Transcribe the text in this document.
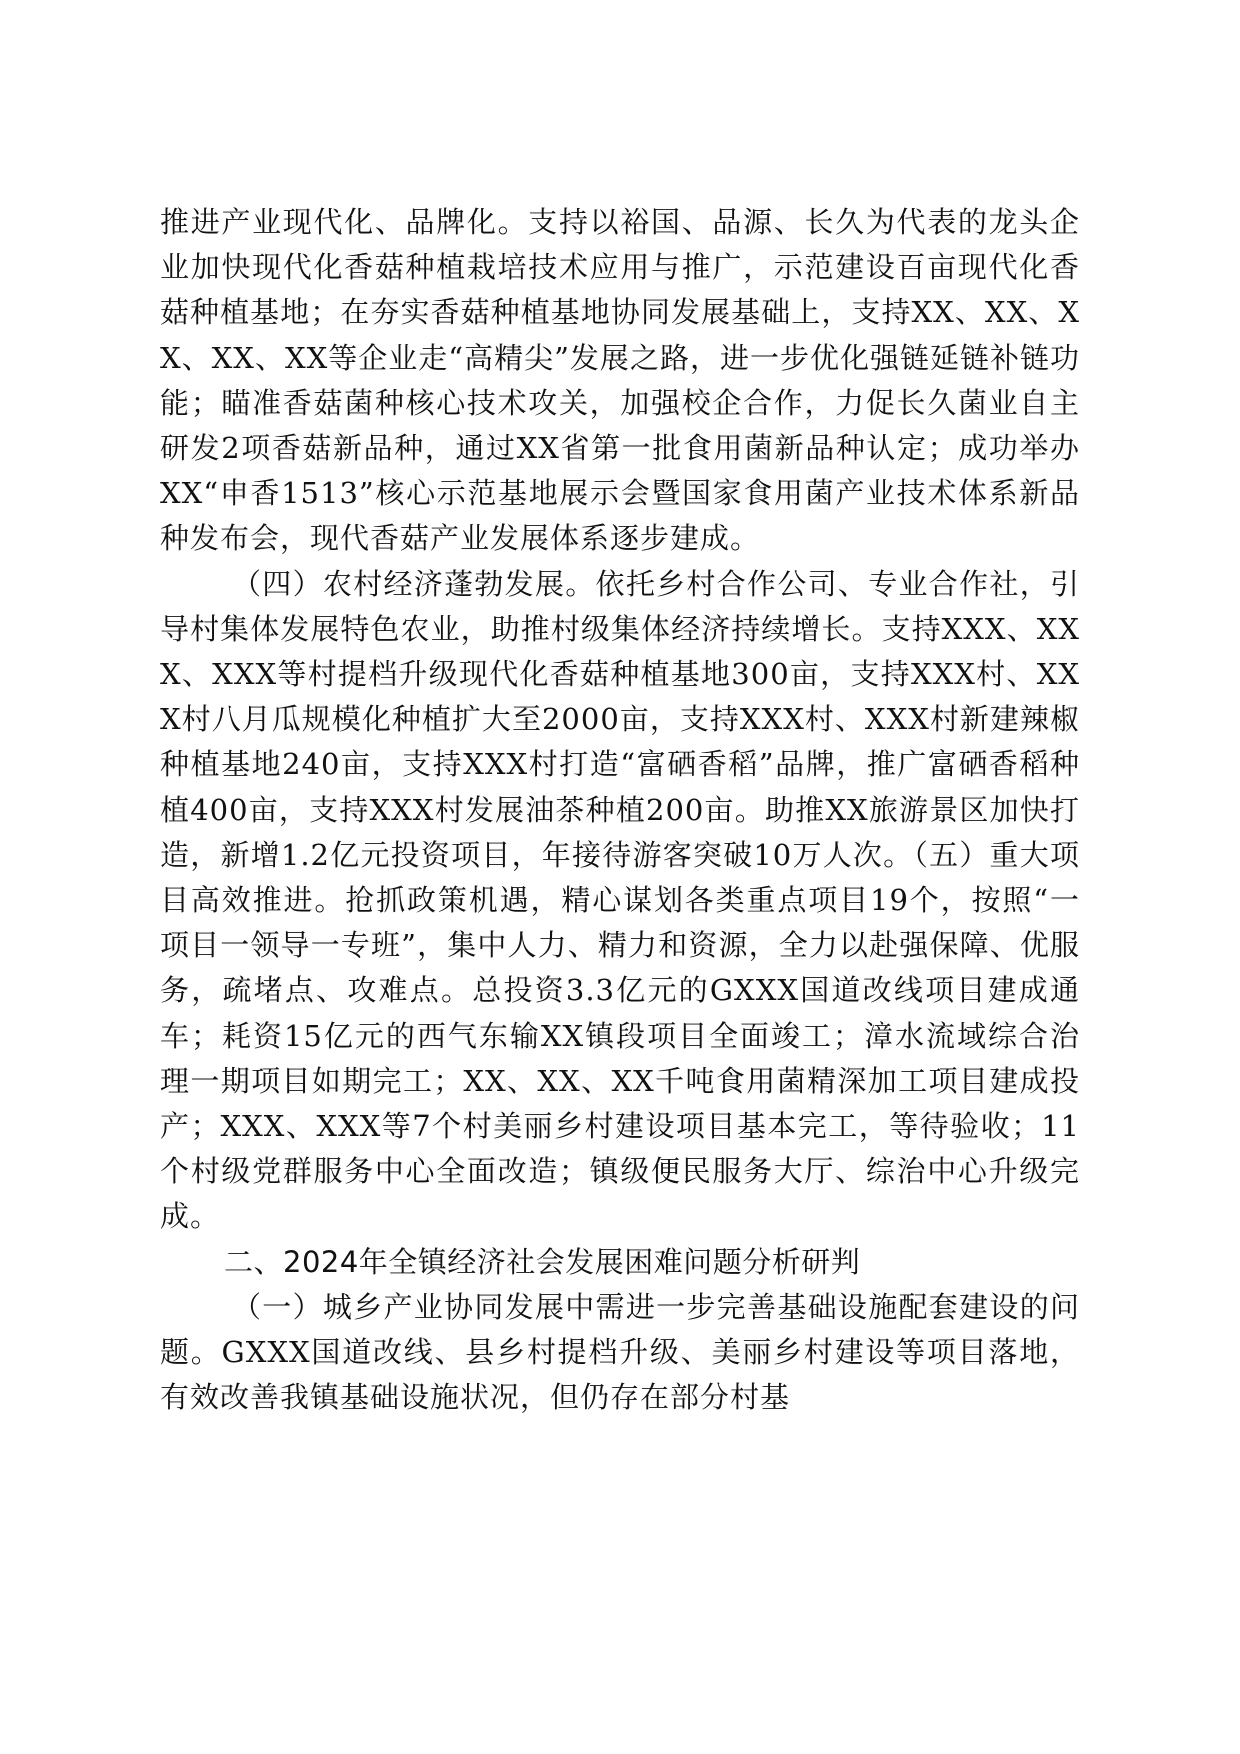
推进产业现代化、品牌化。支持以裕国、品源、长久为代表的龙头企业加快现代化香菇种植栽培技术应用与推广，示范建设百亩现代化香菇种植基地；在夯实香菇种植基地协同发展基础上，支持XX、XX、XX、XX、XX等企业走“高精尖”发展之路，进一步优化强链延链补链功能；瞄准香菇菌种核心技术攻关，加强校企合作，力促长久菌业自主研发2项香菇新品种，通过XX省第一批食用菌新品种认定；成功举办XX“申香1513”核心示范基地展示会暨国家食用菌产业技术体系新品种发布会，现代香菇产业发展体系逐步建成。

（四）农村经济蓬勃发展。依托乡村合作公司、专业合作社，引导村集体发展特色农业，助推村级集体经济持续增长。支持XXX、XXX、XXX等村提档升级现代化香菇种植基地300亩，支持XXX村、XXX村八月瓜规模化种植扩大至2000亩，支持XXX村、XXX村新建辣椒种植基地240亩，支持XXX村打造“富硒香稻”品牌，推广富硒香稻种植400亩，支持XXX村发展油茶种植200亩。助推XX旅游景区加快打造，新增1.2亿元投资项目，年接待游客突破10万人次。（五）重大项目高效推进。抢抓政策机遇，精心谋划各类重点项目19个，按照“一项目一领导一专班”，集中人力、精力和资源，全力以赴强保障、优服务，疏堵点、攻难点。总投资3.3亿元的GXXX国道改线项目建成通车；耗资15亿元的西气东输XX镇段项目全面竣工；漳水流域综合治理一期项目如期完工；XX、XX、XX千吨食用菌精深加工项目建成投产；XXX、XXX等7个村美丽乡村建设项目基本完工，等待验收；11个村级党群服务中心全面改造；镇级便民服务大厅、综治中心升级完成。

二、2024年全镇经济社会发展困难问题分析研判

（一）城乡产业协同发展中需进一步完善基础设施配套建设的问题。GXXX国道改线、县乡村提档升级、美丽乡村建设等项目落地，有效改善我镇基础设施状况，但仍存在部分村基
